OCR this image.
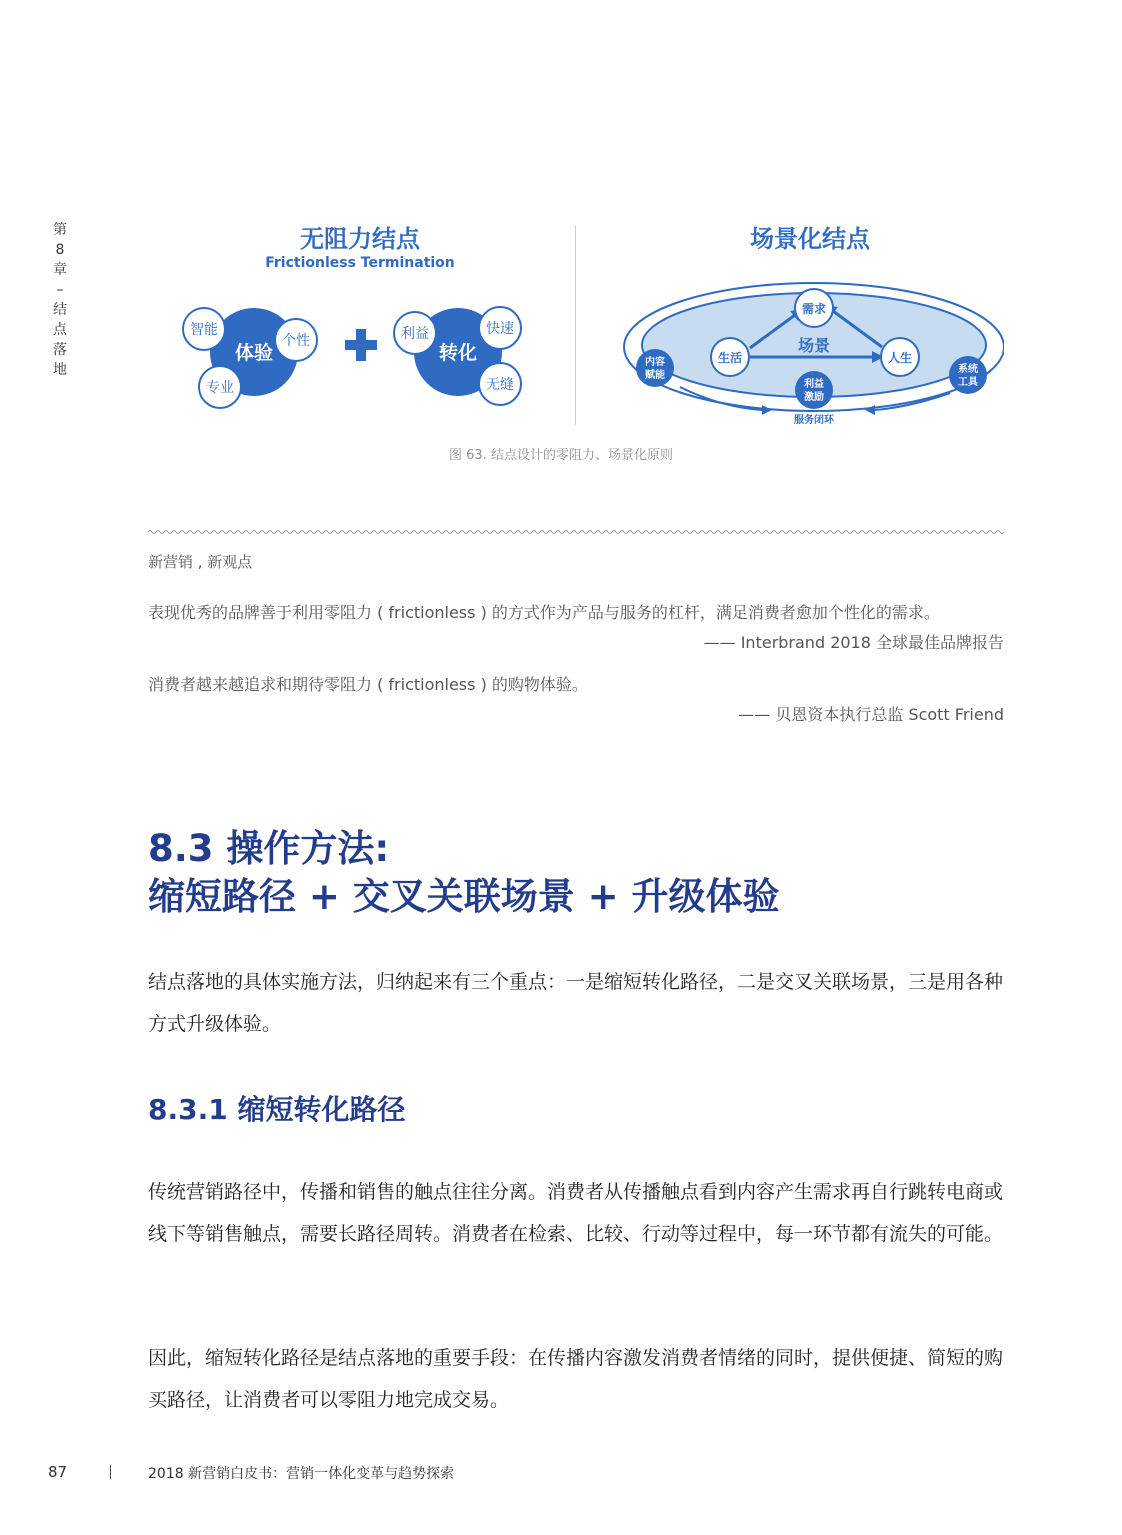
第
8
章
–
结
点
落
地
无阻力结点
Frictionless Termination
体验
智能
个性
专业
转化
利益	快速
无缝
场景化结点
场景
需求
生活	人生
利益
激励
内容
赋能
系统
工具
服务闭环
图 63. 结点设计的零阻力、场景化原则
新营销 , 新观点
表现优秀的品牌善于利用零阻力 ( frictionless ) 的方式作为产品与服务的杠杆，满足消费者愈加个性化的需求。
—— Interbrand 2018 全球最佳品牌报告
消费者越来越追求和期待零阻力 ( frictionless ) 的购物体验。
—— 贝恩资本执行总监 Scott Friend
8.3 操作方法:
缩短路径 + 交叉关联场景 + 升级体验

结点落地的具体实施方法，归纳起来有三个重点：一是缩短转化路径，二是交叉关联场景，三是用各种方式升级体验。

8.3.1 缩短转化路径

传统营销路径中，传播和销售的触点往往分离。消费者从传播触点看到内容产生需求再自行跳转电商或线下等销售触点，需要长路径周转。消费者在检索、比较、行动等过程中，每一环节都有流失的可能。

因此，缩短转化路径是结点落地的重要手段：在传播内容激发消费者情绪的同时，提供便捷、简短的购买路径，让消费者可以零阻力地完成交易。

87	2018 新营销白皮书：营销一体化变革与趋势探索
